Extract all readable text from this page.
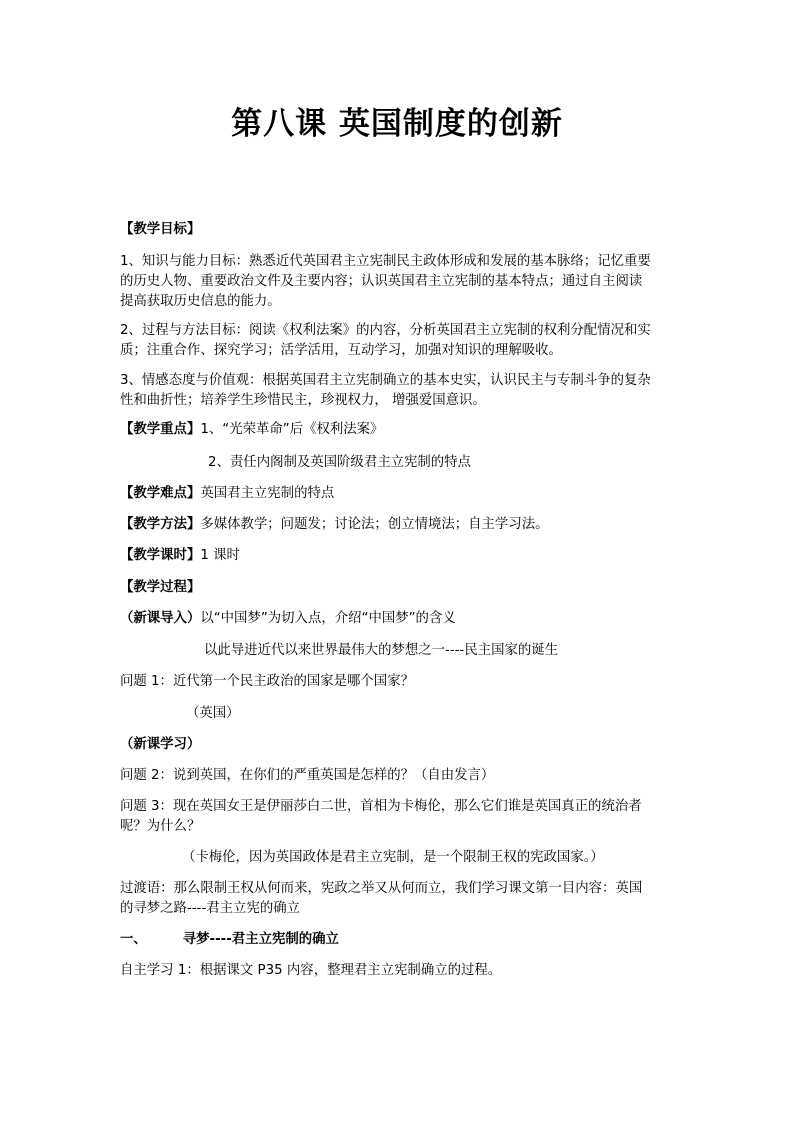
第八课 英国制度的创新
【教学目标】
1、知识与能力目标：熟悉近代英国君主立宪制民主政体形成和发展的基本脉络；记忆重要
的历史人物、重要政治文件及主要内容；认识英国君主立宪制的基本特点；通过自主阅读
提高获取历史信息的能力。
2、过程与方法目标：阅读《权利法案》的内容，分析英国君主立宪制的权利分配情况和实
质；注重合作、探究学习；活学活用，互动学习，加强对知识的理解吸收。
3、情感态度与价值观：根据英国君主立宪制确立的基本史实，认识民主与专制斗争的复杂
性和曲折性；培养学生珍惜民主，珍视权力， 增强爱国意识。
【教学重点】1、“光荣革命”后《权利法案》
2、责任内阁制及英国阶级君主立宪制的特点
【教学难点】英国君主立宪制的特点
【教学方法】多媒体教学；问题发；讨论法；创立情境法；自主学习法。
【教学课时】1 课时
【教学过程】
（新课导入）以“中国梦”为切入点，介绍“中国梦”的含义
以此导进近代以来世界最伟大的梦想之一----民主国家的诞生
问题 1：近代第一个民主政治的国家是哪个国家？
（英国）
（新课学习）
问题 2：说到英国，在你们的严重英国是怎样的？（自由发言）
问题 3：现在英国女王是伊丽莎白二世，首相为卡梅伦，那么它们谁是英国真正的统治者
呢？为什么？
（卡梅伦，因为英国政体是君主立宪制，是一个限制王权的宪政国家。）
过渡语：那么限制王权从何而来，宪政之举又从何而立，我们学习课文第一目内容：英国
的寻梦之路----君主立宪的确立
一、	寻梦----君主立宪制的确立
自主学习 1：根据课文 P35 内容，整理君主立宪制确立的过程。
